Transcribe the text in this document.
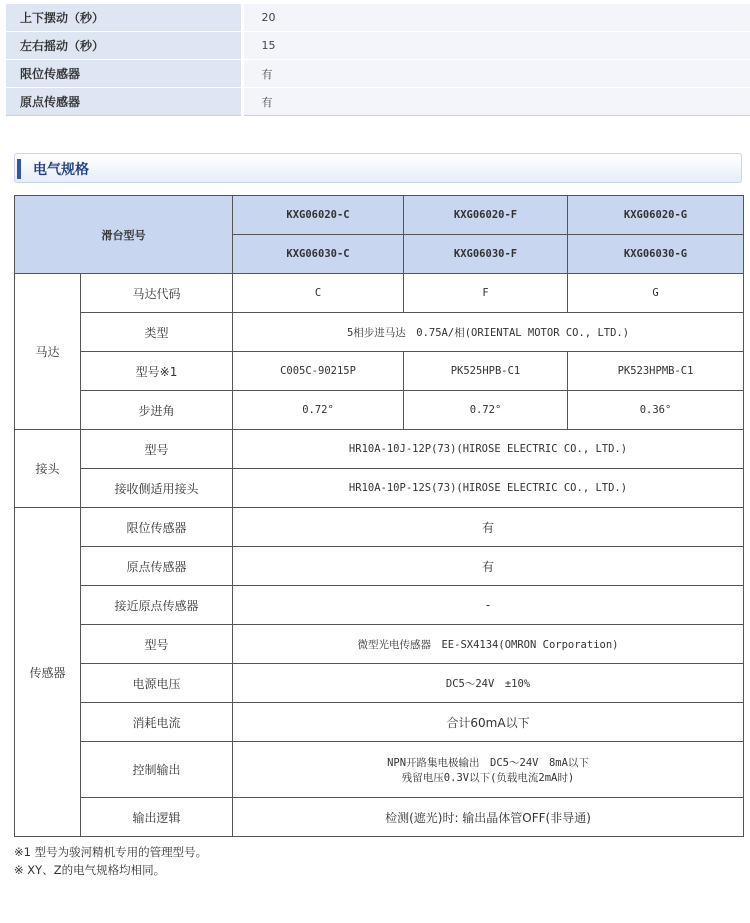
上下摆动（秒）	20
左右摇动（秒）	15
限位传感器	有
原点传感器	有
电气规格
滑台型号		KXG06020-C	KXG06020-F	KXG06020-G
		KXG06030-C	KXG06030-F	KXG06030-G
马达	马达代码	C	F	G
	类型	5相步进马达　0.75A/相(ORIENTAL MOTOR CO., LTD.)		
	型号※1	C005C-90215P	PK525HPB-C1	PK523HPMB-C1
	步进角	0.72°	0.72°	0.36°
接头	型号	HR10A-10J-12P(73)(HIROSE ELECTRIC CO., LTD.)		
	接收侧适用接头	HR10A-10P-12S(73)(HIROSE ELECTRIC CO., LTD.)		
传感器	限位传感器	有		
	原点传感器	有		
	接近原点传感器	-		
	型号	微型光电传感器　EE-SX4134(OMRON Corporation)		
	电源电压	DC5～24V　±10%		
	消耗电流	合计60mA以下		
	控制输出	NPN开路集电极输出　DC5～24V　8mA以下
残留电压0.3V以下(负载电流2mA时)		

	输出逻辑	检测(遮光)时: 输出晶体管OFF(非导通)		
※1 型号为骏河精机专用的管理型号。
※ XY、Z的电气规格均相同。
